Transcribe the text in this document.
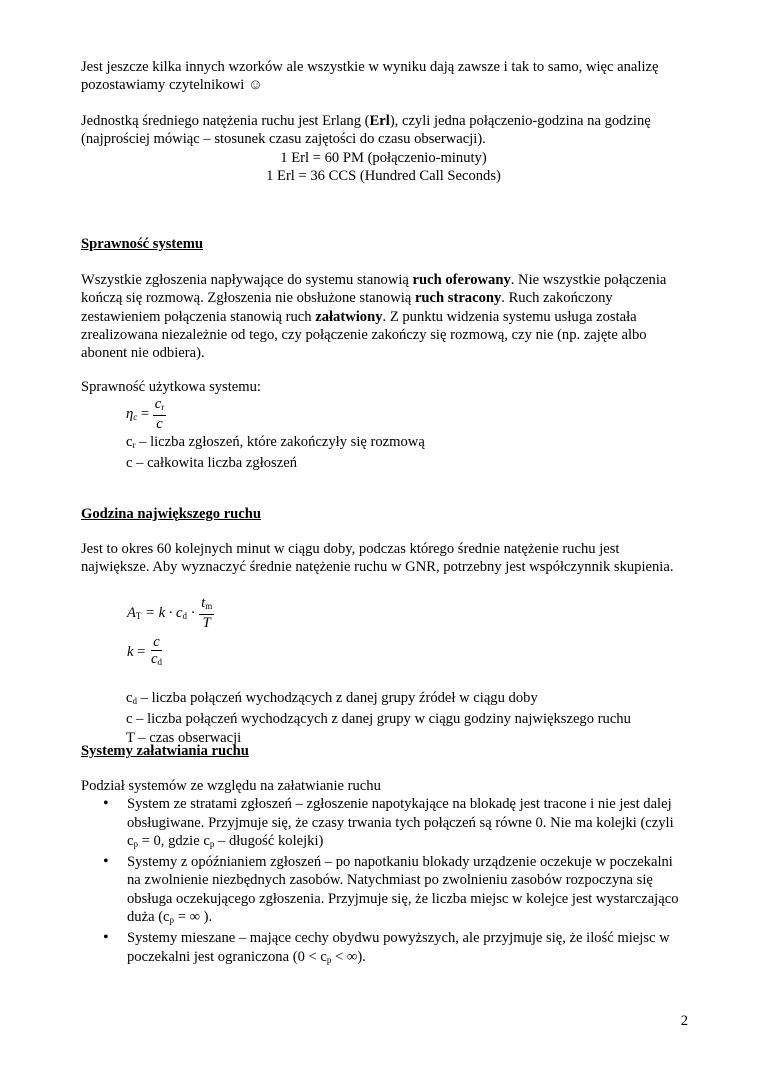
Jest jeszcze kilka innych wzorków ale wszystkie w wyniku dają zawsze i tak to samo, więc analizę

pozostawiamy czytelnikowi ☺

Jednostką średniego natężenia ruchu jest Erlang (Erl), czyli jedna połączenio-godzina na godzinę (najprościej mówiąc – stosunek czasu zajętości do czasu obserwacji).

1 Erl = 60 PM (połączenio-minuty)

1 Erl = 36 CCS (Hundred Call Seconds)

Sprawność systemu

Wszystkie zgłoszenia napływające do systemu stanowią ruch oferowany. Nie wszystkie połączenia kończą się rozmową. Zgłoszenia nie obsłużone stanowią ruch stracony. Ruch zakończony zestawieniem połączenia stanowią ruch załatwiony. Z punktu widzenia systemu usługa została zrealizowana niezależnie od tego, czy połączenie zakończy się rozmową, czy nie (np. zajęte albo abonent nie odbiera).

Sprawność użytkowa systemu:

$\eta_c = \frac{c_r}{c}$

$c_r$ – liczba zgłoszeń, które zakończyły się rozmową

c – całkowita liczba zgłoszeń

Godzina największego ruchu

Jest to okres 60 kolejnych minut w ciągu doby, podczas którego średnie natężenie ruchu jest największe. Aby wyznaczyć średnie natężenie ruchu w GNR, potrzebny jest współczynnik skupienia.

$A_T = k \cdot c_d \cdot \frac{t_m}{T}$
$k = \frac{c}{c_d}$

$c_d$ – liczba połączeń wychodzących z danej grupy źródeł w ciągu doby

c – liczba połączeń wychodzących z danej grupy w ciągu godziny największego ruchu

T – czas obserwacji

Systemy załatwiania ruchu

Podział systemów ze względu na załatwianie ruchu

• System ze stratami zgłoszeń – zgłoszenie napotykające na blokadę jest tracone i nie jest dalej obsługiwane. Przyjmuje się, że czasy trwania tych połączeń są równe 0. Nie ma kolejki (czyli $c_p = 0$, gdzie $c_p$ – długość kolejki)
• Systemy z opóźnianiem zgłoszeń – po napotkaniu blokady urządzenie oczekuje w poczekalni na zwolnienie niezbędnych zasobów. Natychmiast po zwolnieniu zasobów rozpoczyna się obsługa oczekującego zgłoszenia. Przyjmuje się, że liczba miejsc w kolejce jest wystarczająco duża ($c_p$ = ∞ ).
• Systemy mieszane – mające cechy obydwu powyższych, ale przyjmuje się, że ilość miejsc w poczekalni jest ograniczona ($0 < c_p$ < ∞).
2
